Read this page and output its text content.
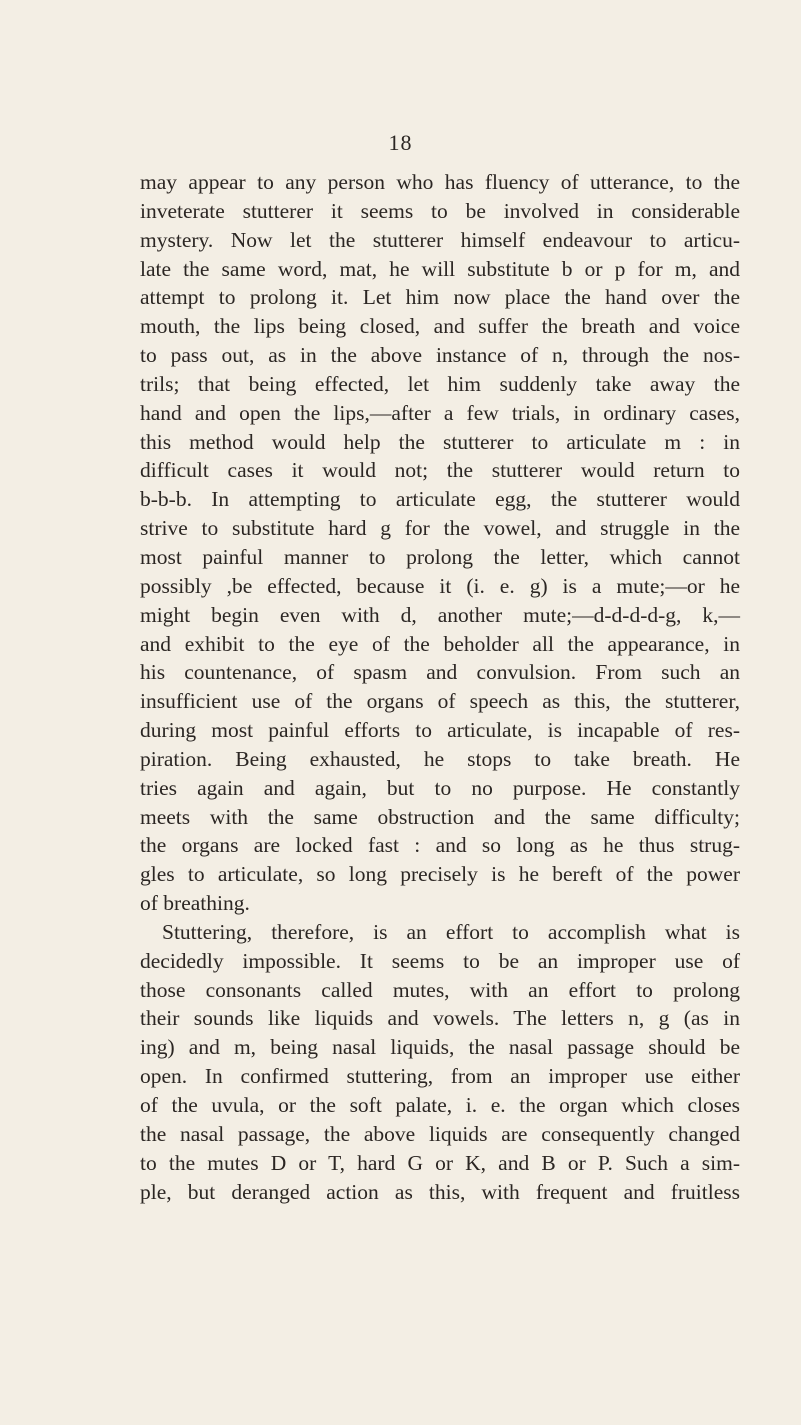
18
may appear to any person who has fluency of utterance, to the
inveterate stutterer it seems to be involved in considerable
mystery. Now let the stutterer himself endeavour to articu-
late the same word, mat, he will substitute b or p for m, and
attempt to prolong it. Let him now place the hand over the
mouth, the lips being closed, and suffer the breath and voice
to pass out, as in the above instance of n, through the nos-
trils; that being effected, let him suddenly take away the
hand and open the lips,—after a few trials, in ordinary cases,
this method would help the stutterer to articulate m : in
difficult cases it would not; the stutterer would return to
b-b-b. In attempting to articulate egg, the stutterer would
strive to substitute hard g for the vowel, and struggle in the
most painful manner to prolong the letter, which cannot
possibly ,be effected, because it (i. e. g) is a mute;—or he
might begin even with d, another mute;—d-d-d-d-g, k,—
and exhibit to the eye of the beholder all the appearance, in
his countenance, of spasm and convulsion. From such an
insufficient use of the organs of speech as this, the stutterer,
during most painful efforts to articulate, is incapable of res-
piration. Being exhausted, he stops to take breath. He
tries again and again, but to no purpose. He constantly
meets with the same obstruction and the same difficulty;
the organs are locked fast : and so long as he thus strug-
gles to articulate, so long precisely is he bereft of the power
of breathing.
Stuttering, therefore, is an effort to accomplish what is
decidedly impossible. It seems to be an improper use of
those consonants called mutes, with an effort to prolong
their sounds like liquids and vowels. The letters n, g (as in
ing) and m, being nasal liquids, the nasal passage should be
open. In confirmed stuttering, from an improper use either
of the uvula, or the soft palate, i. e. the organ which closes
the nasal passage, the above liquids are consequently changed
to the mutes D or T, hard G or K, and B or P. Such a sim-
ple, but deranged action as this, with frequent and fruitless
